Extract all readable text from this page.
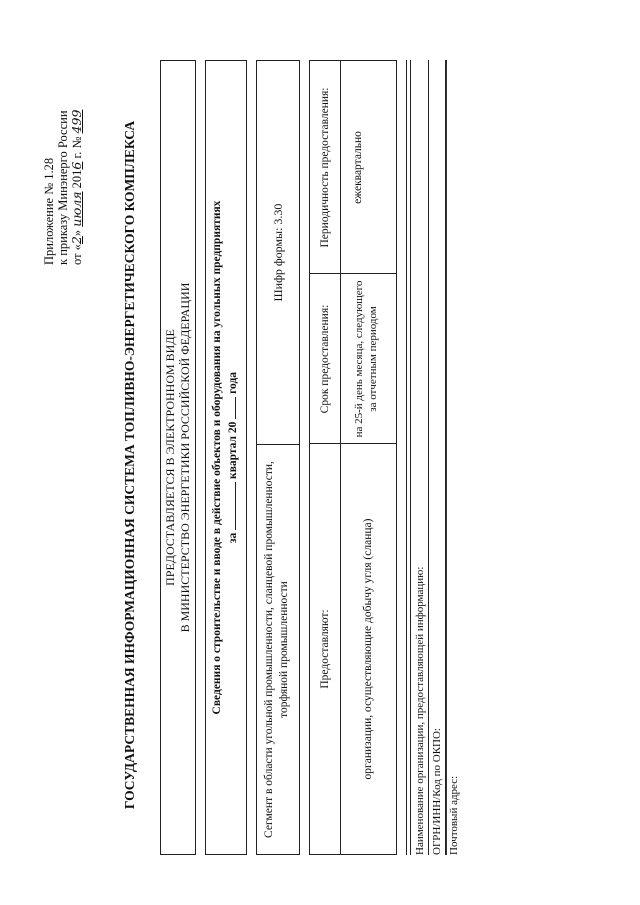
Приложение № 1.28 к приказу Минэнерго России от «2» июля 2016 г. № 499	ГОСУДАРСТВЕННАЯ ИНФОРМАЦИОННАЯ СИСТЕМА ТОПЛИВНО-ЭНЕРГЕТИЧЕСКОГО КОМПЛЕКСА ПРЕДОСТАВЛЯЕТСЯ В ЭЛЕКТРОННОМ ВИДЕ В МИНИСТЕРСТВО ЭНЕРГЕТИКИ РОССИЙСКОЙ ФЕДЕРАЦИИ Сведения о строительстве и вводе в действие объектов и оборудования на угольных предприятиях за  квартал 20  года
Сегмент в области угольной промышленности, сланцевой промышленности, торфяной промышленности
Шифр формы: 3.30
Предоставляют:
Срок предоставления:
Периодичность предоставления:
организации, осуществляющие добычу угля (сланца)
на 25-й день месяца, следующего за отчетным периодом
ежеквартально
Наименование организации, предоставляющей информацию: ОГРН/ИНН/Код по ОКПО: Почтовый адрес:
